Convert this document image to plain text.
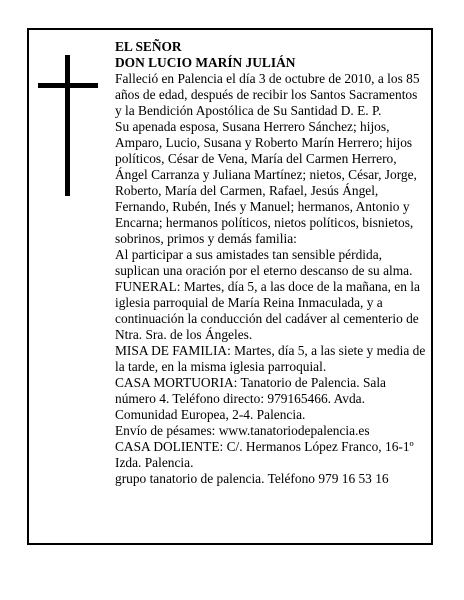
EL SEÑOR

DON LUCIO MARÍN JULIÁN

Falleció en Palencia el día 3 de octubre de 2010, a los 85 años de edad, después de recibir los Santos Sacramentos y la Bendición Apostólica de Su Santidad D. E. P.

Su apenada esposa, Susana Herrero Sánchez; hijos, Amparo, Lucio, Susana y Roberto Marín Herrero; hijos políticos, César de Vena, María del Carmen Herrero, Ángel Carranza y Juliana Martínez; nietos, César, Jorge, Roberto, María del Carmen, Rafael, Jesús Ángel, Fernando, Rubén, Inés y Manuel; hermanos, Antonio y Encarna; hermanos políticos, nietos políticos, bisnietos, sobrinos, primos y demás familia:

Al participar a sus amistades tan sensible pérdida, suplican una oración por el eterno descanso de su alma.

FUNERAL: Martes, día 5, a las doce de la mañana, en la iglesia parroquial de María Reina Inmaculada, y a continuación la conducción del cadáver al cementerio de Ntra. Sra. de los Ángeles.

MISA DE FAMILIA: Martes, día 5, a las siete y media de la tarde, en la misma iglesia parroquial.

CASA MORTUORIA: Tanatorio de Palencia. Sala número 4. Teléfono directo: 979165466. Avda. Comunidad Europea, 2-4. Palencia.

Envío de pésames: www.tanatoriodepalencia.es

CASA DOLIENTE: C/. Hermanos López Franco, 16-1º Izda. Palencia.

grupo tanatorio de palencia. Teléfono 979 16 53 16
